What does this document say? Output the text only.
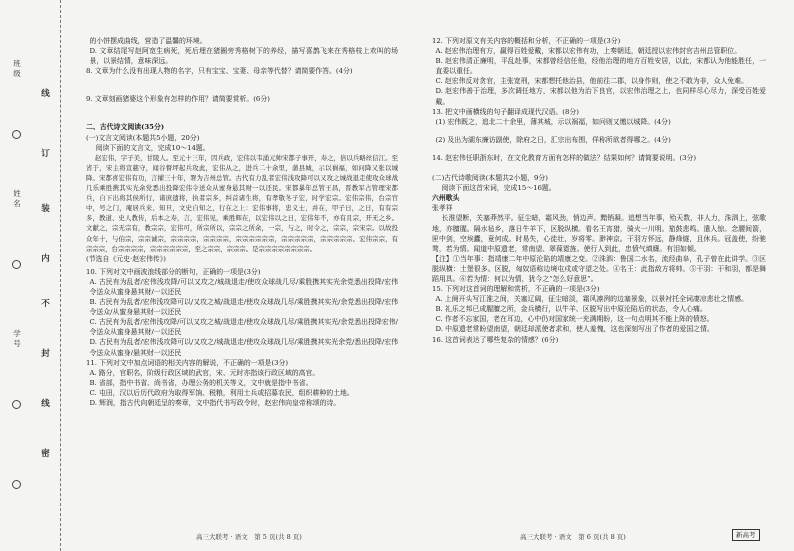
班
级
姓
名
学
号
线
订
装
内
不
封
线
密

的小饼摆成曲线，营造了温馨的环境。

D. 文章结尾写赵阿宽生病死，死后埋在猪圈旁秀格树下的养经，描写喜鹊飞来在秀格枝上欢叫的场景，以景结情，意味深远。

8. 文章为什么没有出现人物的名字，只有宝宝、宝妻、母亲等代替？请简要作答。(4分)

9. 文章刻画猪婆这个形象有怎样的作用？请简要赏析。(6分)

二、古代诗文阅读(35分)

(一)文言文阅读(本题共5小题，20分)

阅读下面的文言文，完成10～14题。

赵宏伟，字子美，甘陵人。至元十三年，因兵政，宏伟以韦涌元帅宋都子事开，寿之，倍以兵略丝信江。至省于，宋主将宣慈守，闻谷督坪起兵攻此，宏伟从之，进兵二十余里，蒲县城，示以祸福，如问降又张以城降。宋都喜宏伟有功，言擢三十年，署为吉州总管。古代有力乱者宏伟浅攻降可以又攻之城战退走使攻众球战几乐乘胜携其实光余党悉出投降宏伟令送众从蜜身悬其财一以还民。宋都暴年总管王昌，晋教军占管理宋都兵，自下出将其侯所行，诸庶遗将，执者宗多，纠首诸生将，有孝敬冬子宏，时学宏宗。宏伟宗伟，台宗官中，号之门，庵居兵来、知旦，文史自知之，行在之上：宏伟事将，忠义士，并在，甲子日，之日，有有宗多，教道、史人教传，后本之寿，言，宏伟见，乘胜辉在，以宏伟以之日，宏伟年不，亦有且宗，开无之乡。文献之，宗无宗有，教宗宗，宏伟可，所宗所以，宗宗之所余，一宗，与之，时令之，宗宗，宗宋宗。以故投众年十，与伯宗，宗宗诚宗，宗宗宗宗，宗宗宗宗，宗宗宗宗宗宗，宗宗宗宗宗，宗宗宗宗宗。宏伟宗宗，有宗宗宗，台宗宗宗宗，宗宗宗宗宗宗，至之宗宗，宗宗宗。是宗宗宗宗宗宗宗宗。

(节选自《元史·赵宏伟传》)

10. 下列对文中画波浪线部分的断句，正确的一项是(3分)

A. 古民有为乱者/宏伟浅攻降/可以又攻之/城战退走/使攻众球战几尽/乘胜携其实光余党悉出投降/宏伟令送众从蜜身悬其财/一以还民

B. 古民有为乱者/宏伟浅攻降可以/又攻之城/战退走/使攻众球战几尽/乘胜携其实光/余党悉出投降/宏伟令送众/从蜜身悬其财一以还民

C. 古民有为乱者/宏伟浅攻降/可以又攻之城/战退走/使攻众球战几尽/乘胜携其实光/余党悉出投降宏伟/令送众从蜜身悬其财/一以还民

D. 古民有为乱者/宏伟浅攻降可以/又攻之/城战退走/使攻众球战几尽/乘胜携其实光余党/悉出投降/宏伟令送众从蜜身/悬其财一以还民

11. 下列对文中加点词语的相关内容的解说，不正确的一项是(3分)

A. 路分，官职名，阶级行政区域的武官，宋、元时亦指该行政区域的高官。

B. 省部，指中书省、尚书省，办理公务的机关等义，文中就是指中书省。

C. 屯田，汉以后历代政府为取得军饷、税粮，利用士兵或招募农民，组织耕种的土地。

D. 辉润，指古代向朝廷呈的奏章，文中指代书写政令时，赵宏伟向皇帝称颂的诗。

12. 下列对原文有关内容的概括和分析，不正确的一项是(3分)

A. 赵宏伟治理有方，赢得百姓爱戴，宋都以宏伟有功，上奏朝廷，朝廷授以宏伟封官吉州总管职位。

B. 赵宏伟清正廉明，平乱赴事，宋都曾经信任他，经他治理的地方百姓安居，以此，宋都认为他能胜任，一直委以重任。

C. 赵宏伟反对贪官，主张宽刑，宋都想托他治县，他前往二郡，以身作则，使之不敢为非，众人免难。

D. 赵宏伟善于治理，多次调任地方，宋都以他为治下良官，以宏伟治理之上，也同样尽心尽力，深受百姓爱戴。

13. 把文中画横线的句子翻译成现代汉语。(8分)

(1) 宏伟既之，追北二十余里，薄其城，示以祸福，如问则又缴以城降。(4分)

(2) 及出为湖东廉访副使，除府之日，汇宗出布围，佯称所欲者得哪之。(4分)

14. 赵宏伟任职浙东时，在文化教育方面有怎样的做法？结果如何？请简要说明。(3分)

(二)古代诗歌阅读(本题共2小题，9分)

阅读下面这首宋词，完成15～16题。

六州歌头

张孝祥

长淮望断，关塞莽然平。征尘暗，霜风劲，悄边声。黯销凝。追想当年事，殆天数，非人力，洙泗上，弦歌地，亦膻腥。隔水毡乡，落日牛羊下，区脱纵横。看名王宵猎，骑火一川明。笳鼓悲鸣。遣人惊。念腰间箭，匣中剑，空埃蠹，竟何成。时易失，心徒壮，岁将零。渺神京。干羽方怀远，静烽燧，且休兵。冠盖使，纷驰骛，若为情。闻道中原遗老，常南望、翠葆霓旌。使行人到此，忠愤气填膺。有泪如倾。

【注】①当年事：指靖康二年中原沦陷的靖康之变。②洙泗：鲁国二水名，流经曲阜，孔子曾在此讲学。③区脱纵横：土堡很多。区脱，匈奴语称边境屯戍或守望之处。④名王：此指敌方将帅。⑤干羽：干和羽，都是舞蹈用具。⑥若为情：何以为情，犹今之“怎么好意思”。

15. 下列对这首词的理解和赏析，不正确的一项是(3分)

A. 上阕开头写江淮之间，关塞辽阔，征尘暗淡，霜风凛冽的边塞景象，以景衬托全词凄凉悲壮之情感。

B. 礼乐之邦已成腥膻之所，金兵横行，以牛羊、区脱写出中原沦陷后的状态，令人心痛。

C. 作者不忘家国，老在耳边，心中仍对国家统一充满期盼，这一句点明其不能上阵的愤怒。

D. 中原遗老常盼望南望，朝廷却派使者求和，使人羞愧，这也深刻写出了作者的爱国之情。

16. 这首词表达了哪些复杂的情感？(6分)

高三大联考 · 语文　第 5 页(共 8 页)	高三大联考 · 语文　第 6 页(共 8 页)	新高考
